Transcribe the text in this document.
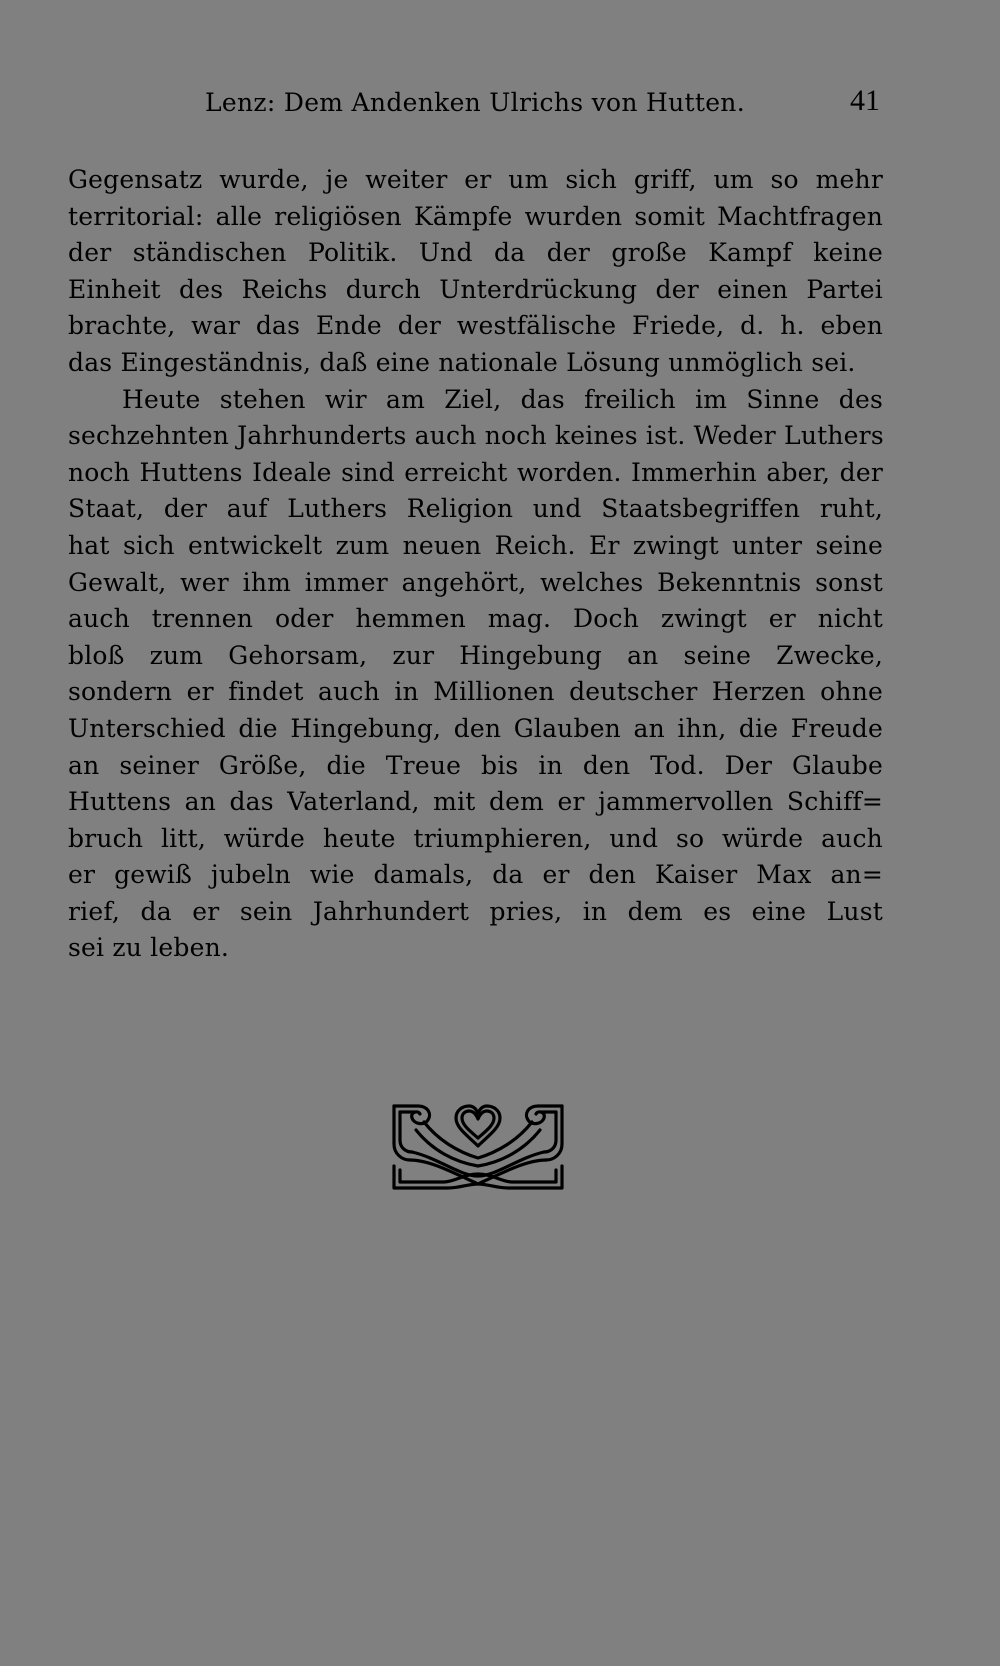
Lenz: Dem Andenken Ulrichs von Hutten.	41
Gegensatz wurde, je weiter er um sich griff, um so mehr
territorial: alle religiösen Kämpfe wurden somit Machtfragen
der ständischen Politik. Und da der große Kampf keine
Einheit des Reichs durch Unterdrückung der einen Partei
brachte, war das Ende der westfälische Friede, d. h. eben
das Eingeständnis, daß eine nationale Lösung unmöglich sei.
Heute stehen wir am Ziel, das freilich im Sinne des
sechzehnten Jahrhunderts auch noch keines ist. Weder Luthers
noch Huttens Ideale sind erreicht worden. Immerhin aber, der
Staat, der auf Luthers Religion und Staatsbegriffen ruht,
hat sich entwickelt zum neuen Reich. Er zwingt unter seine
Gewalt, wer ihm immer angehört, welches Bekenntnis sonst
auch trennen oder hemmen mag. Doch zwingt er nicht
bloß zum Gehorsam, zur Hingebung an seine Zwecke,
sondern er findet auch in Millionen deutscher Herzen ohne
Unterschied die Hingebung, den Glauben an ihn, die Freude
an seiner Größe, die Treue bis in den Tod. Der Glaube
Huttens an das Vaterland, mit dem er jammervollen Schiff=
bruch litt, würde heute triumphieren, und so würde auch
er gewiß jubeln wie damals, da er den Kaiser Max an=
rief, da er sein Jahrhundert pries, in dem es eine Lust
sei zu leben.
